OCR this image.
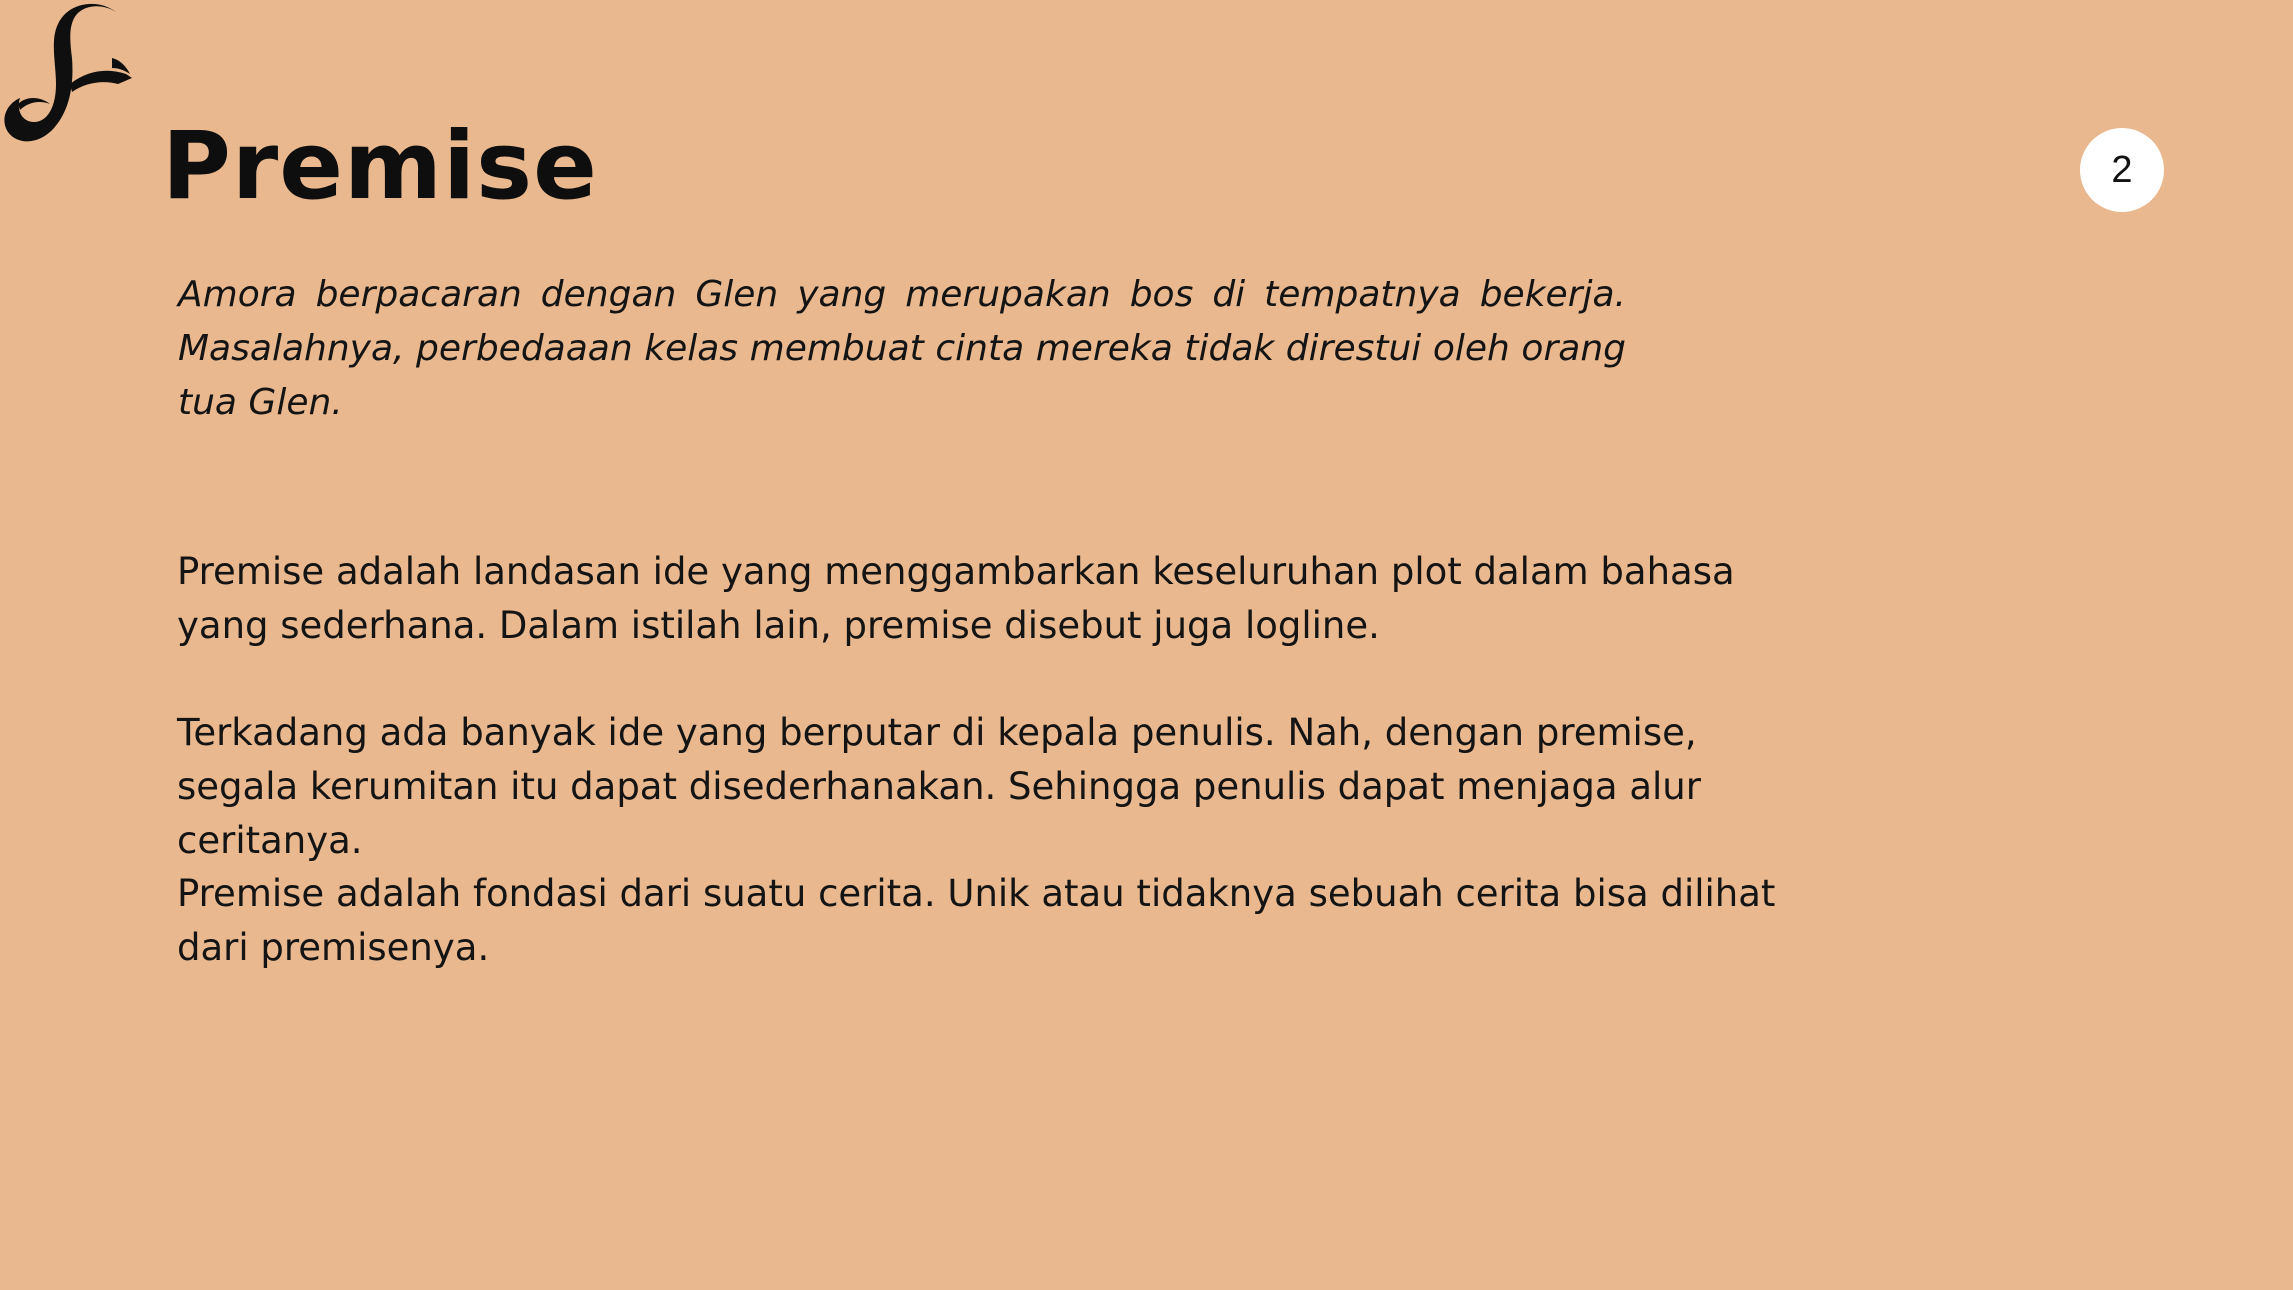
Premise	2

Amora berpacaran dengan Glen yang merupakan bos di tempatnya bekerja. Masalahnya, perbedaaan kelas membuat cinta mereka tidak direstui oleh orang tua Glen.

Premise adalah landasan ide yang menggambarkan keseluruhan plot dalam bahasa yang sederhana. Dalam istilah lain, premise disebut juga logline.

Terkadang ada banyak ide yang berputar di kepala penulis. Nah, dengan premise, segala kerumitan itu dapat disederhanakan. Sehingga penulis dapat menjaga alur ceritanya.

Premise adalah fondasi dari suatu cerita. Unik atau tidaknya sebuah cerita bisa dilihat dari premisenya.
